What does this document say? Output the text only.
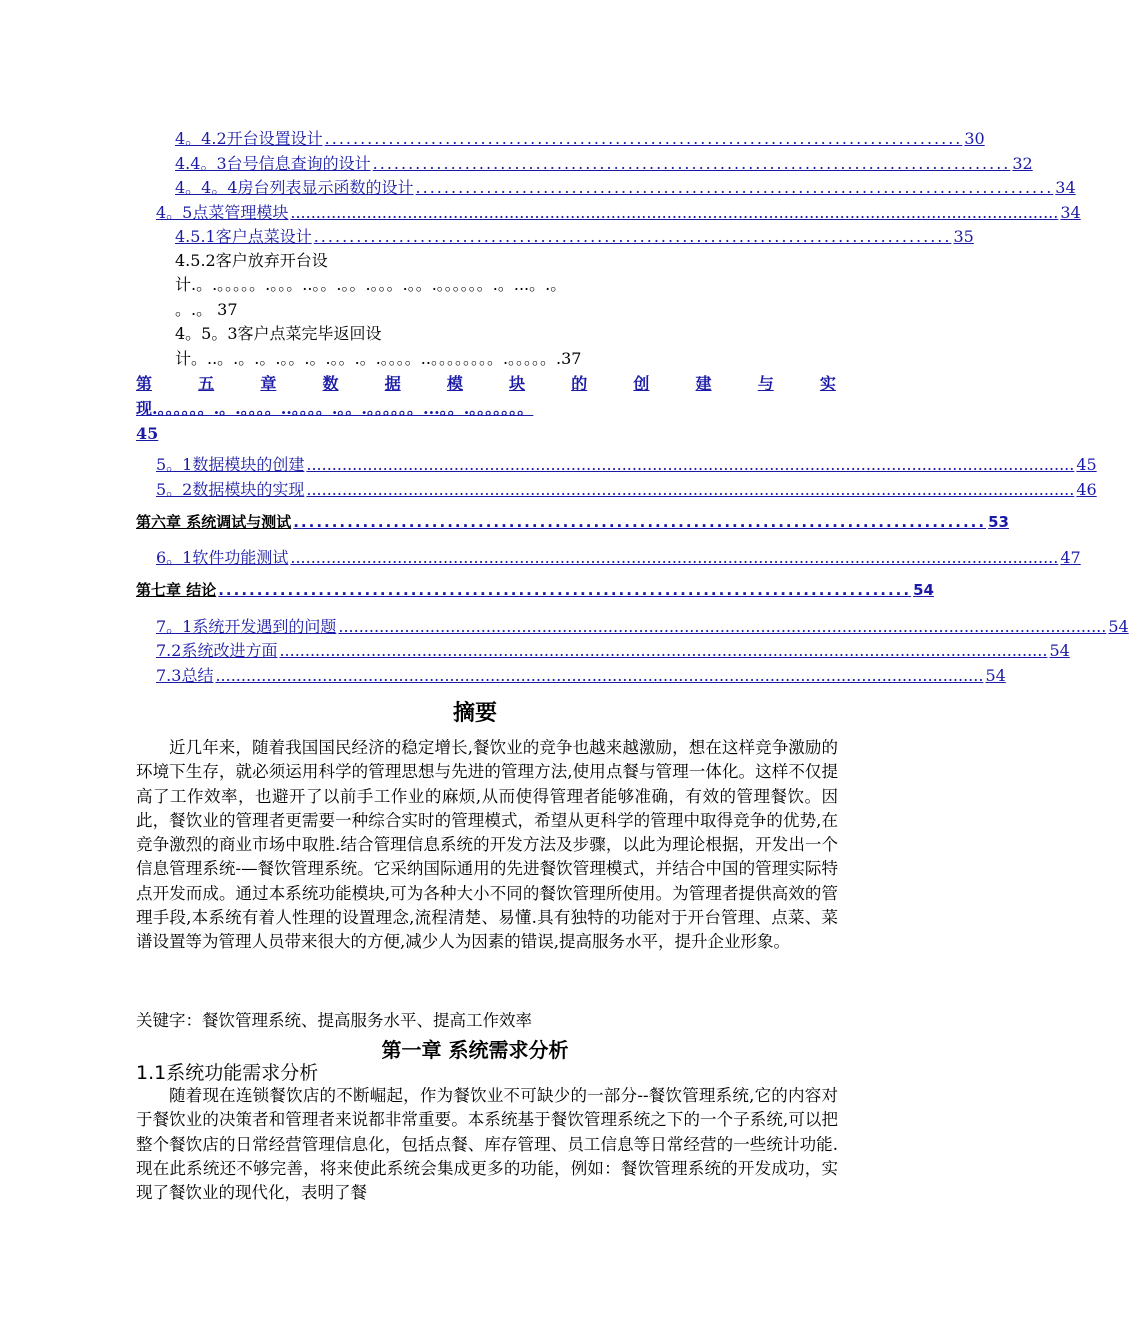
4。4.2开台设置设计 .......................................................................................... 30
4.4。3台号信息查询的设计 .......................................................................................... 32
4。4。4房台列表显示函数的设计 .......................................................................................... 34
4。5点菜管理模块 ....................................................................................................................................................... 34
4.5.1客户点菜设计 .......................................................................................... 35
4.5.2客户放弃开台设
计.。.。。。。。.。。。..。。.。。.。。。.。。.。。。。。。.。...。.。
。.。 37
4。5。3客户点菜完毕返回设
计。..。.。.。.。。.。.。。.。.。。。。..。。。。。。。。.。。。。。.37
第	五	章	数	据	模	块	的	创	建	与	实
现.。。。。。。.。.。。。。..。。。。.。。.。。。。。。...。。.。。。。。。。
45
5。1数据模块的创建 ....................................................................................................................................................... 45
5。2数据模块的实现 ....................................................................................................................................................... 46
第六章 系统调试与测试 .......................................................................................... 53
6。1软件功能测试 ....................................................................................................................................................... 47
第七章 结论 .......................................................................................... 54
7。1系统开发遇到的问题 ....................................................................................................................................................... 54
7.2系统改进方面 ....................................................................................................................................................... 54
7.3总结 ....................................................................................................................................................... 54
摘要
近几年来，随着我国国民经济的稳定增长,餐饮业的竞争也越来越激励，想在这样竞争激励的环境下生存，就必须运用科学的管理思想与先进的管理方法,使用点餐与管理一体化。这样不仅提高了工作效率，也避开了以前手工作业的麻烦,从而使得管理者能够准确，有效的管理餐饮。因此，餐饮业的管理者更需要一种综合实时的管理模式，希望从更科学的管理中取得竞争的优势,在竞争激烈的商业市场中取胜.结合管理信息系统的开发方法及步骤，以此为理论根据，开发出一个信息管理系统-—餐饮管理系统。它采纳国际通用的先进餐饮管理模式，并结合中国的管理实际特点开发而成。通过本系统功能模块,可为各种大小不同的餐饮管理所使用。为管理者提供高效的管理手段,本系统有着人性理的设置理念,流程清楚、易懂.具有独特的功能对于开台管理、点菜、菜谱设置等为管理人员带来很大的方便,减少人为因素的错误,提高服务水平，提升企业形象。
关键字：餐饮管理系统、提高服务水平、提高工作效率
第一章 系统需求分析
1.1系统功能需求分析
随着现在连锁餐饮店的不断崛起，作为餐饮业不可缺少的一部分--餐饮管理系统,它的内容对于餐饮业的决策者和管理者来说都非常重要。本系统基于餐饮管理系统之下的一个子系统,可以把整个餐饮店的日常经营管理信息化，包括点餐、库存管理、员工信息等日常经营的一些统计功能.现在此系统还不够完善，将来使此系统会集成更多的功能，例如：餐饮管理系统的开发成功，实现了餐饮业的现代化，表明了餐
